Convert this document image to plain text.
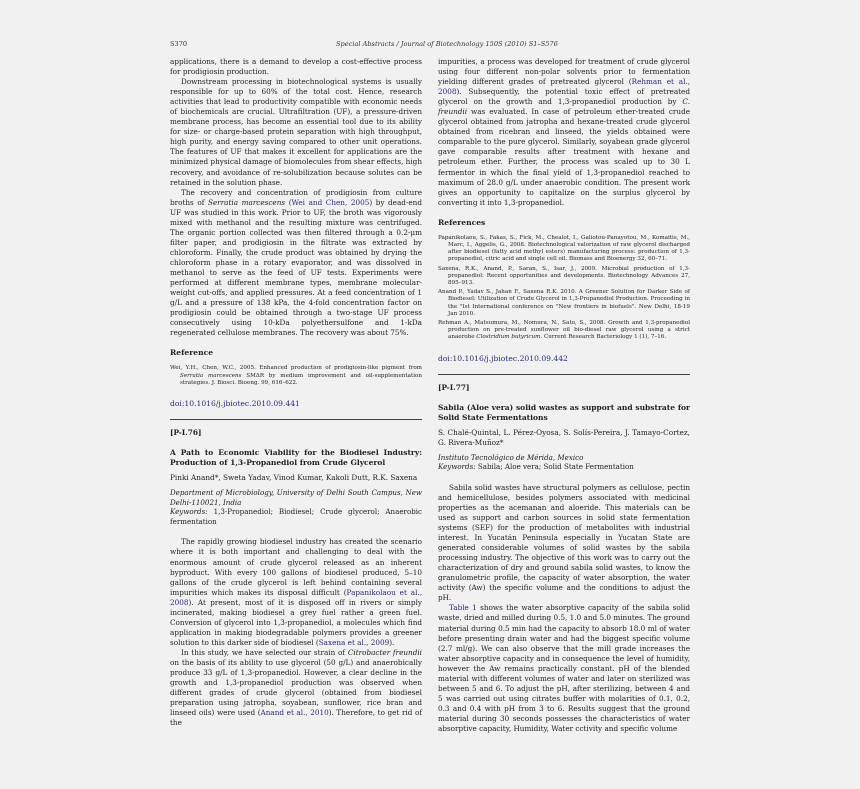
S370	Special Abstracts / Journal of Biotechnology 150S (2010) S1–S576

applications, there is a demand to develop a cost-effective process for prodigiosin production.

Downstream processing in biotechnological systems is usually responsible for up to 60% of the total cost. Hence, research activities that lead to productivity compatible with economic needs of biochemicals are crucial. Ultrafiltration (UF), a pressure-driven membrane process, has become an essential tool due to its ability for size- or charge-based protein separation with high throughput, high purity, and energy saving compared to other unit operations. The features of UF that makes it excellent for applications are the minimized physical damage of biomolecules from shear effects, high recovery, and avoidance of re-solubilization because solutes can be retained in the solution phase.

The recovery and concentration of prodigiosin from culture broths of Serratia marcescens (Wei and Chen, 2005) by dead-end UF was studied in this work. Prior to UF, the broth was vigorously mixed with methanol and the resulting mixture was centrifuged. The organic portion collected was then filtered through a 0.2-μm filter paper, and prodigiosin in the filtrate was extracted by chloroform. Finally, the crude product was obtained by drying the chloroform phase in a rotary evaporator, and was dissolved in methanol to serve as the feed of UF tests. Experiments were performed at different membrane types, membrane molecular-weight cut-offs, and applied pressures. At a feed concentration of 1 g/L and a pressure of 138 kPa, the 4-fold concentration factor on prodigiosin could be obtained through a two-stage UF process consecutively using 10-kDa polyethersulfone and 1-kDa regenerated cellulose membranes. The recovery was about 75%.

Reference
Wei, Y.H., Chen, W.C., 2005. Enhanced production of prodigiosin-like pigment from Serratia marcescens SMΔR by medium improvement and oil-supplementation strategies. J. Biosci. Bioeng. 99, 616–622.
doi:10.1016/j.jbiotec.2010.09.441
[P-I.76]
A Path to Economic Viability for the Biodiesel Industry: Production of 1,3-Propanediol from Crude Glycerol
Pinki Anand*, Sweta Yadav, Vinod Kumar, Kakoli Dutt, R.K. Saxena
Department of Microbiology, University of Delhi South Campus, New Delhi-110021, India
Keywords: 1,3-Propanediol; Biodiesel; Crude glycerol; Anaerobic fermentation

The rapidly growing biodiesel industry has created the scenario where it is both important and challenging to deal with the enormous amount of crude glycerol released as an inherent byproduct. With every 100 gallons of biodiesel produced, 5–10 gallons of the crude glycerol is left behind containing several impurities which makes its disposal difficult (Papanikolaou et al., 2008). At present, most of it is disposed off in rivers or simply incinerated, making biodiesel a grey fuel rather a green fuel. Conversion of glycerol into 1,3-propanediol, a molecules which find application in making biodegradable polymers provides a greener solution to this darker side of biodiesel (Saxena et al., 2009).

In this study, we have selected our strain of Citrobacter freundii on the basis of its ability to use glycerol (50 g/L) and anaerobically produce 33 g/L of 1,3-propanediol. However, a clear decline in the growth and 1,3-propanediol production was observed when different grades of crude glycerol (obtained from biodiesel preparation using jatropha, soyabean, sunflower, rice bran and linseed oils) were used (Anand et al., 2010). Therefore, to get rid of the

impurities, a process was developed for treatment of crude glycerol using four different non-polar solvents prior to fermentation yielding different grades of pretreated glycerol (Rehman et al., 2008). Subsequently, the potential toxic effect of pretreated glycerol on the growth and 1,3-propanediol production by C. freundii was evaluated. In case of petroleum ether-treated crude glycerol obtained from jatropha and hexane-treated crude glycerol obtained from ricebran and linseed, the yields obtained were comparable to the pure glycerol. Similarly, soyabean grade glycerol gave comparable results after treatment with hexane and petroleum ether. Further, the process was scaled up to 30 L fermentor in which the final yield of 1,3-propanediol reached to maximum of 28.0 g/L under anaerobic condition. The present work gives an opportunity to capitalize on the surplus glycerol by converting it into 1,3-propanediol.

References
Papanikolaou, S., Fakas, S., Fick, M., Chealot, I., Galiotou-Panayotou, M., Komaitis, M., Marc, I., Aggelis, G., 2008. Biotechnological valorization of raw glycerol discharged after biodiesel (fatty acid methyl esters) manufacturing process: production of 1,3-propanediol, citric acid and single cell oil. Biomass and Bioenergy 32, 60–71.
Saxena, R.K., Anand, P., Saran, S., Isar, J., 2009. Microbial production of 1,3-propanediol: Recent opportunities and developments. Biotechnology Advances 27, 895–913.
Anand P., Yadav S., Jahan F., Saxena R.K. 2010. A Greener Solution for Darker Side of Biodiesel: Utilization of Crude Glycerol in 1,3-Propanediol Production. Proceeding in the "Ist International conference on "New frontiers in biofuels". New Delhi, 18-19 Jan 2010.
Rehman A., Matsumura, M., Nomura, N., Sato, S., 2008. Growth and 1,3-propanediol production on pre-treated sunflower oil bio-diesel raw glycerol using a strict anaerobe Clostridium butyricum. Current Research Bacteriology 1 (1), 7–16.
doi:10.1016/j.jbiotec.2010.09.442
[P-I.77]
Sabila (Aloe vera) solid wastes as support and substrate for Solid State Fermentations
S. Chalé-Quintal, L. Pérez-Oyosa, S. Solís-Pereira, J. Tamayo-Cortez, G. Rivera-Muñoz*
Instituto Tecnológico de Mérida, Mexico
Keywords: Sabila; Aloe vera; Solid State Fermentation

Sabila solid wastes have structural polymers as cellulose, pectin and hemicellulose, besides polymers associated with medicinal properties as the acemanan and aloeride. This materials can be used as support and carbon sources in solid state fermentation systems (SEF) for the production of metabolites with industrial interest. In Yucatán Peninsula especially in Yucatan State are generated considerable volumes of solid wastes by the sabila processing industry. The objective of this work was to carry out the characterization of dry and ground sabila solid wastes, to know the granulometric profile, the capacity of water absorption, the water activity (Aw) the specific volume and the conditions to adjust the pH.

Table 1 shows the water absorptive capacity of the sabila solid waste, dried and milled during 0.5, 1.0 and 5.0 minutes. The ground material during 0.5 min had the capacity to absorb 18.0 ml of water before presenting drain water and had the biggest specific volume (2.7 ml/g). We can also observe that the mill grade increases the water absorptive capacity and in consequence the level of humidity, however the Aw remains practically constant. pH of the blended material with different volumes of water and later on sterilized was between 5 and 6. To adjust the pH, after sterilizing, between 4 and 5 was carried out using citrates buffer with molarities of 0.1, 0.2, 0.3 and 0.4 with pH from 3 to 6. Results suggest that the ground material during 30 seconds possesses the characteristics of water absorptive capacity, Humidity, Water cctivity and specific volume
